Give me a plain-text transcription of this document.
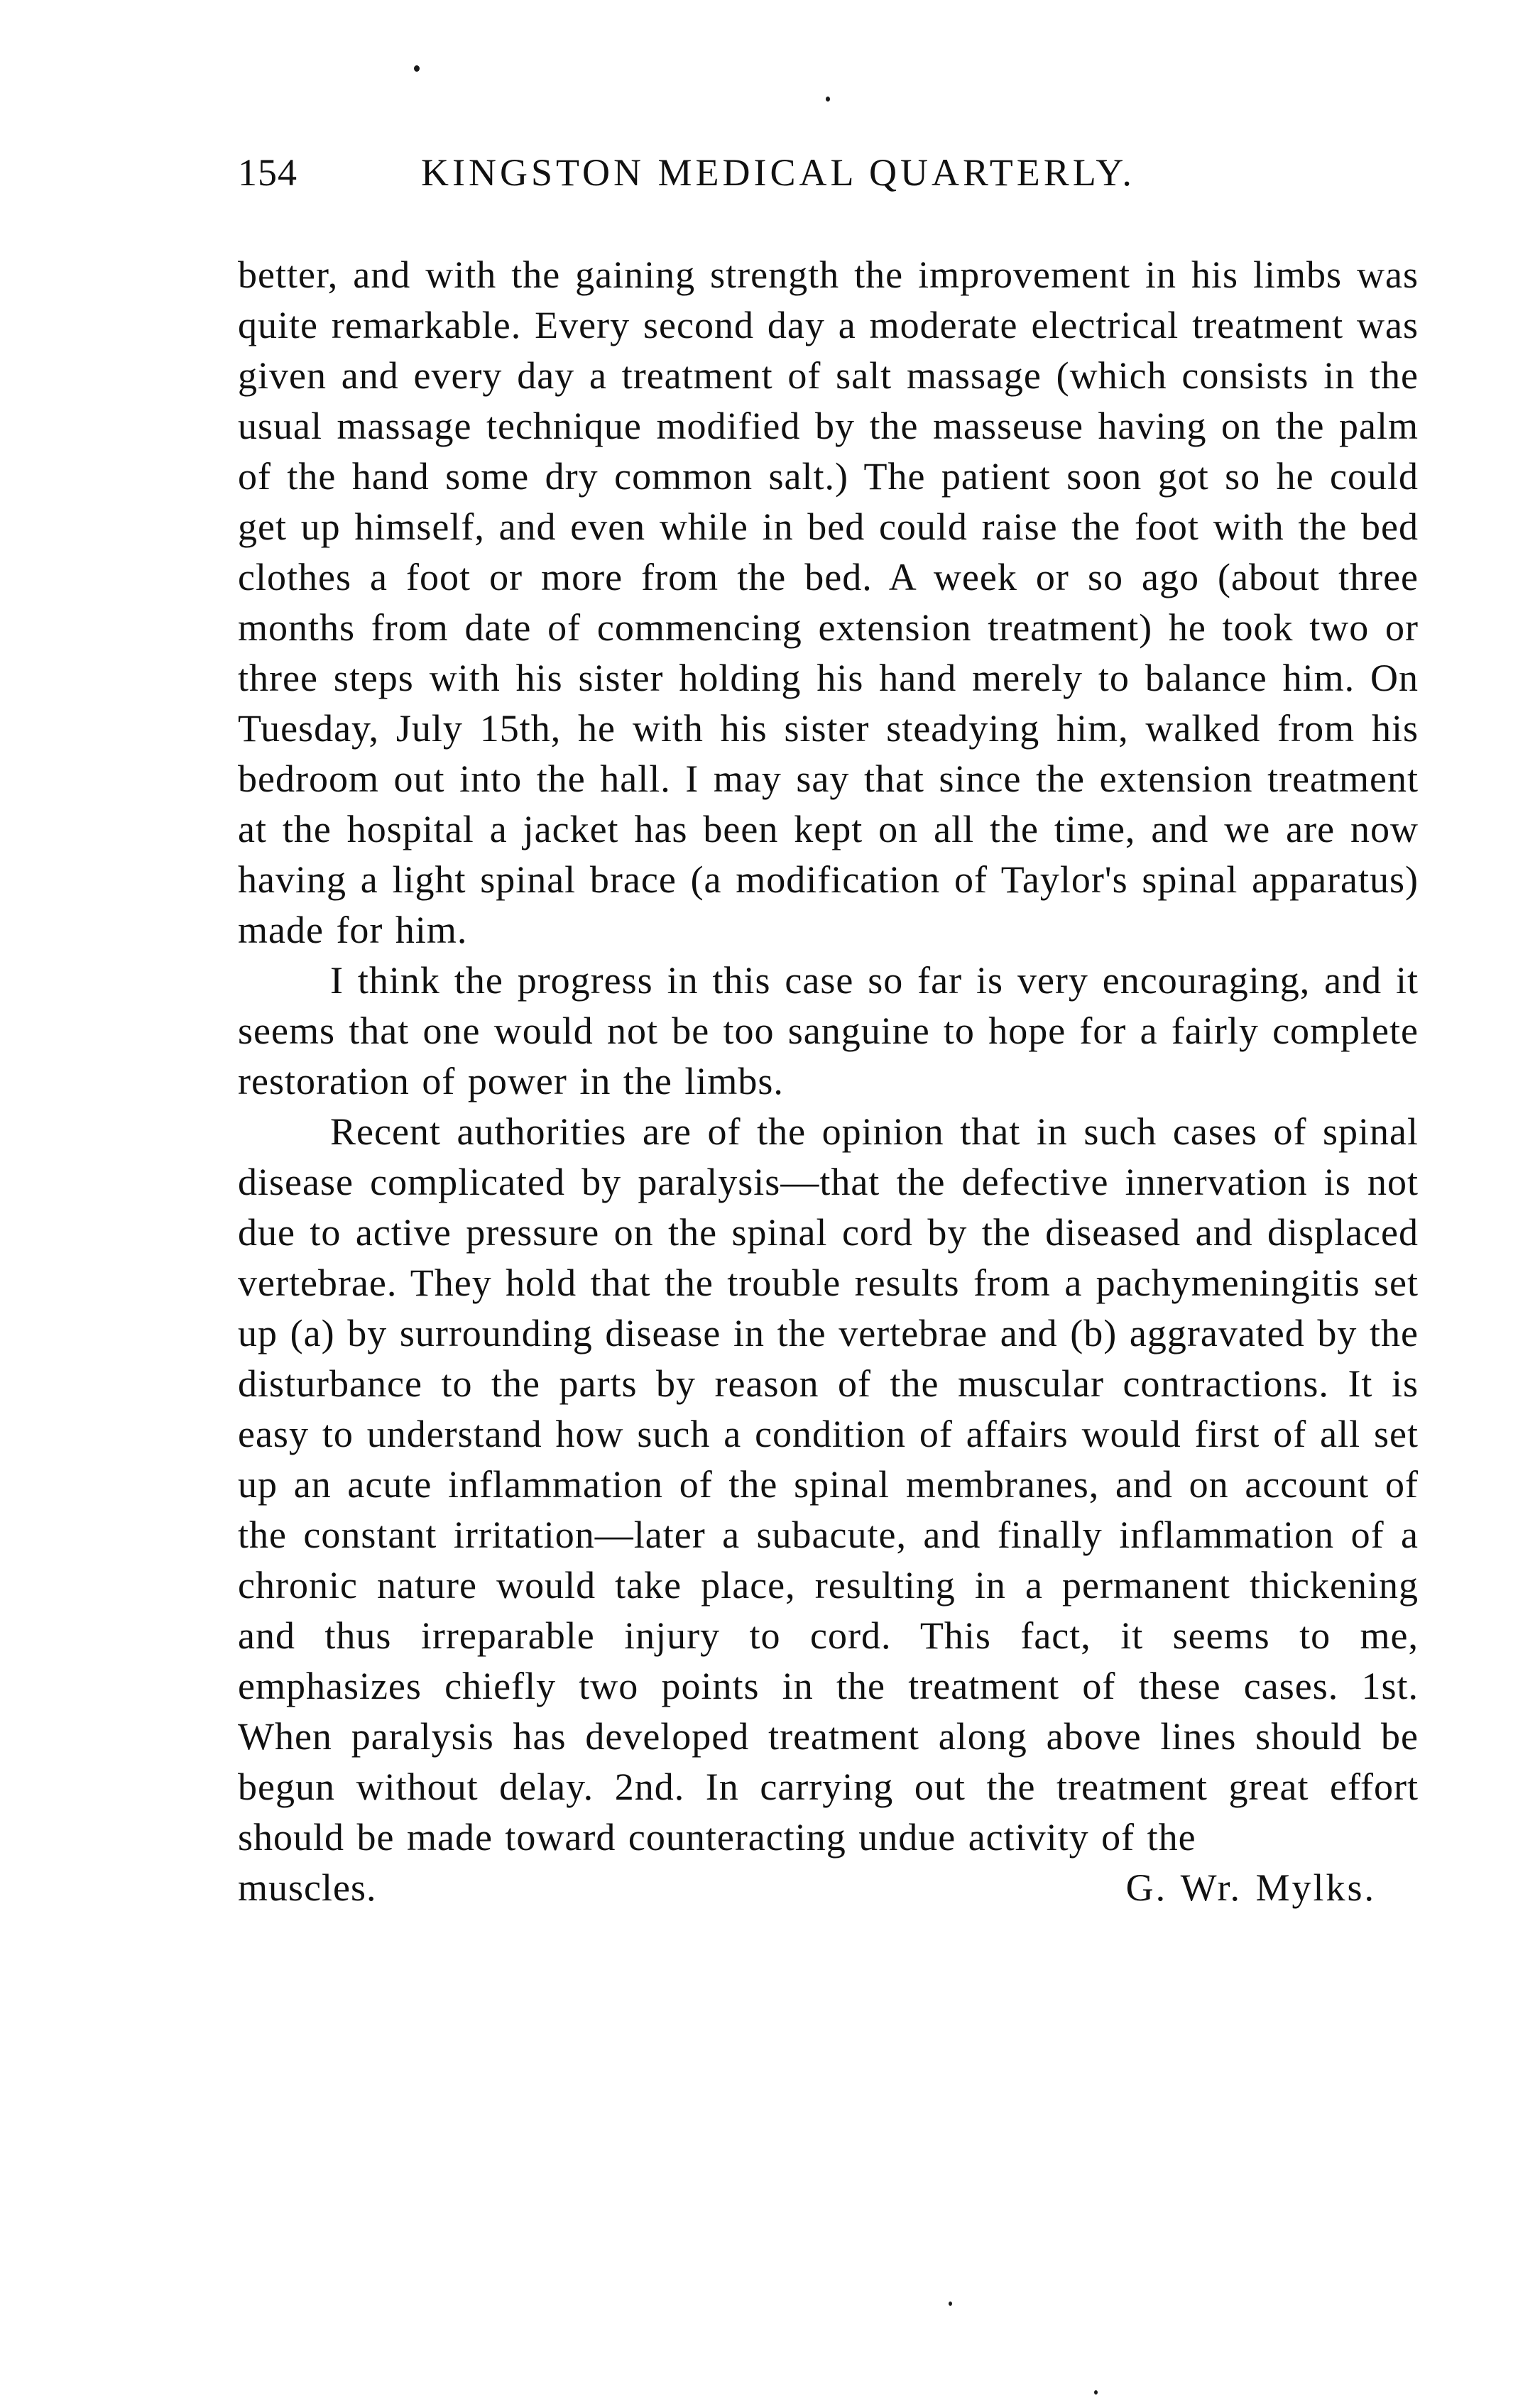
154	KINGSTON MEDICAL QUARTERLY.

better, and with the gaining strength the improvement in his limbs was quite remarkable. Every second day a moderate electrical treatment was given and every day a treatment of salt massage (which consists in the usual massage technique modified by the masseuse having on the palm of the hand some dry common salt.) The patient soon got so he could get up himself, and even while in bed could raise the foot with the bed clothes a foot or more from the bed. A week or so ago (about three months from date of commencing extension treatment) he took two or three steps with his sister holding his hand merely to balance him. On Tuesday, July 15th, he with his sister steadying him, walked from his bedroom out into the hall. I may say that since the extension treatment at the hospital a jacket has been kept on all the time, and we are now having a light spinal brace (a modification of Taylor's spinal apparatus) made for him.

I think the progress in this case so far is very encouraging, and it seems that one would not be too sanguine to hope for a fairly complete restoration of power in the limbs.

Recent authorities are of the opinion that in such cases of spinal disease complicated by paralysis—that the defective innervation is not due to active pressure on the spinal cord by the diseased and displaced vertebrae. They hold that the trouble results from a pachymeningitis set up (a) by surrounding disease in the vertebrae and (b) aggravated by the disturbance to the parts by reason of the muscular contractions. It is easy to understand how such a condition of affairs would first of all set up an acute inflammation of the spinal membranes, and on account of the constant irritation—later a subacute, and finally inflammation of a chronic nature would take place, resulting in a permanent thickening and thus irreparable injury to cord. This fact, it seems to me, emphasizes chiefly two points in the treatment of these cases. 1st. When paralysis has developed treatment along above lines should be begun without delay. 2nd. In carrying out the treatment great effort should be made toward counteracting undue activity of the

muscles.	G. Wr. Mylks.
